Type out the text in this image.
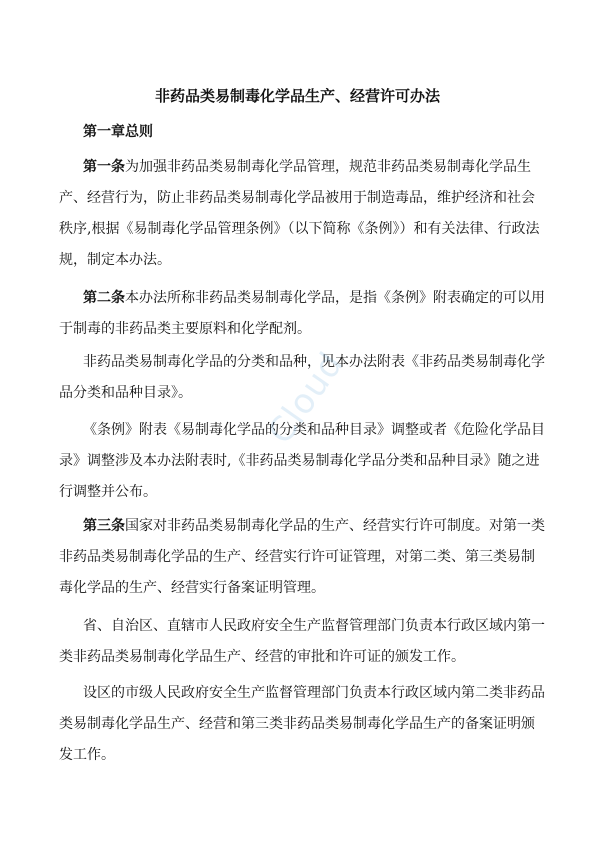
非药品类易制毒化学品生产、经营许可办法

第一章总则

第一条为加强非药品类易制毒化学品管理，规范非药品类易制毒化学品生产、经营行为，防止非药品类易制毒化学品被用于制造毒品，维护经济和社会秩序,根据《易制毒化学品管理条例》（以下简称《条例》）和有关法律、行政法规，制定本办法。

第二条本办法所称非药品类易制毒化学品，是指《条例》附表确定的可以用于制毒的非药品类主要原料和化学配剂。

非药品类易制毒化学品的分类和品种，见本办法附表《非药品类易制毒化学品分类和品种目录》。

《条例》附表《易制毒化学品的分类和品种目录》调整或者《危险化学品目录》调整涉及本办法附表时,《非药品类易制毒化学品分类和品种目录》随之进行调整并公布。

第三条国家对非药品类易制毒化学品的生产、经营实行许可制度。对第一类非药品类易制毒化学品的生产、经营实行许可证管理，对第二类、第三类易制毒化学品的生产、经营实行备案证明管理。

省、自治区、直辖市人民政府安全生产监督管理部门负责本行政区域内第一类非药品类易制毒化学品生产、经营的审批和许可证的颁发工作。

设区的市级人民政府安全生产监督管理部门负责本行政区域内第二类非药品类易制毒化学品生产、经营和第三类非药品类易制毒化学品生产的备案证明颁发工作。

Cloud
